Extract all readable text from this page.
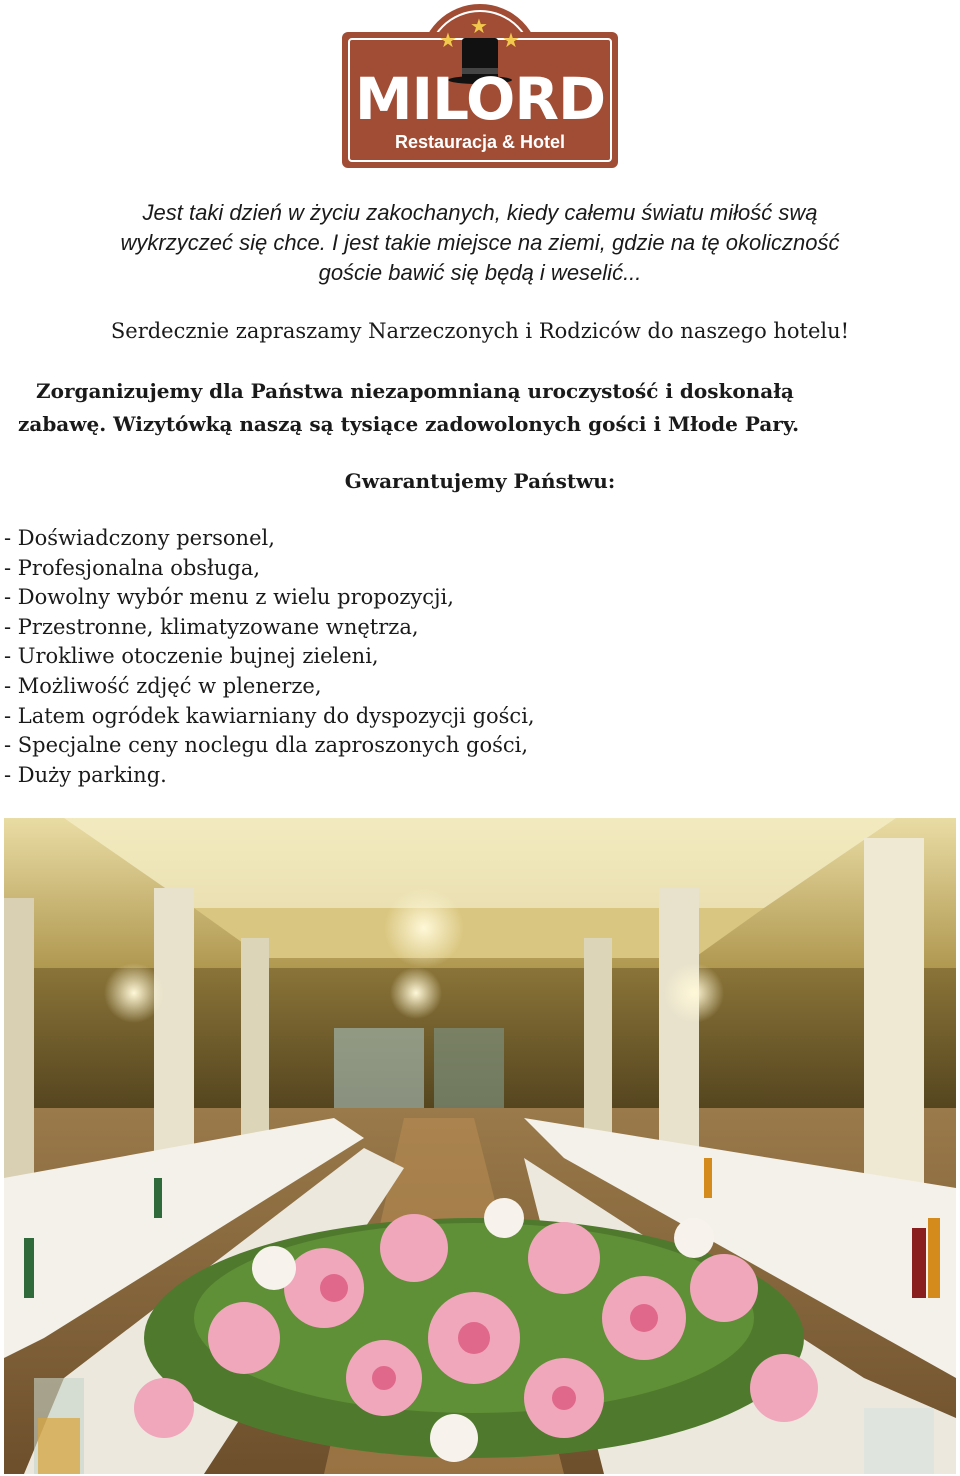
★
★
★
MILORD
Restauracja & Hotel

Jest taki dzień w życiu zakochanych, kiedy całemu światu miłość swą
wykrzyczeć się chce. I jest takie miejsce na ziemi, gdzie na tę okoliczność
goście bawić się będą i weselić...

Serdecznie zapraszamy Narzeczonych i Rodziców do naszego hotelu!

Zorganizujemy dla Państwa niezapomnianą uroczystość i doskonałą
zabawę. Wizytówką naszą są tysiące zadowolonych gości i Młode Pary.

Gwarantujemy Państwu:

- Doświadczony personel,
- Profesjonalna obsługa,
- Dowolny wybór menu z wielu propozycji,
- Przestronne, klimatyzowane wnętrza,
- Urokliwe otoczenie bujnej zieleni,
- Możliwość zdjęć w plenerze,
- Latem ogródek kawiarniany do dyspozycji gości,
- Specjalne ceny noclegu dla zaproszonych gości,
- Duży parking.
